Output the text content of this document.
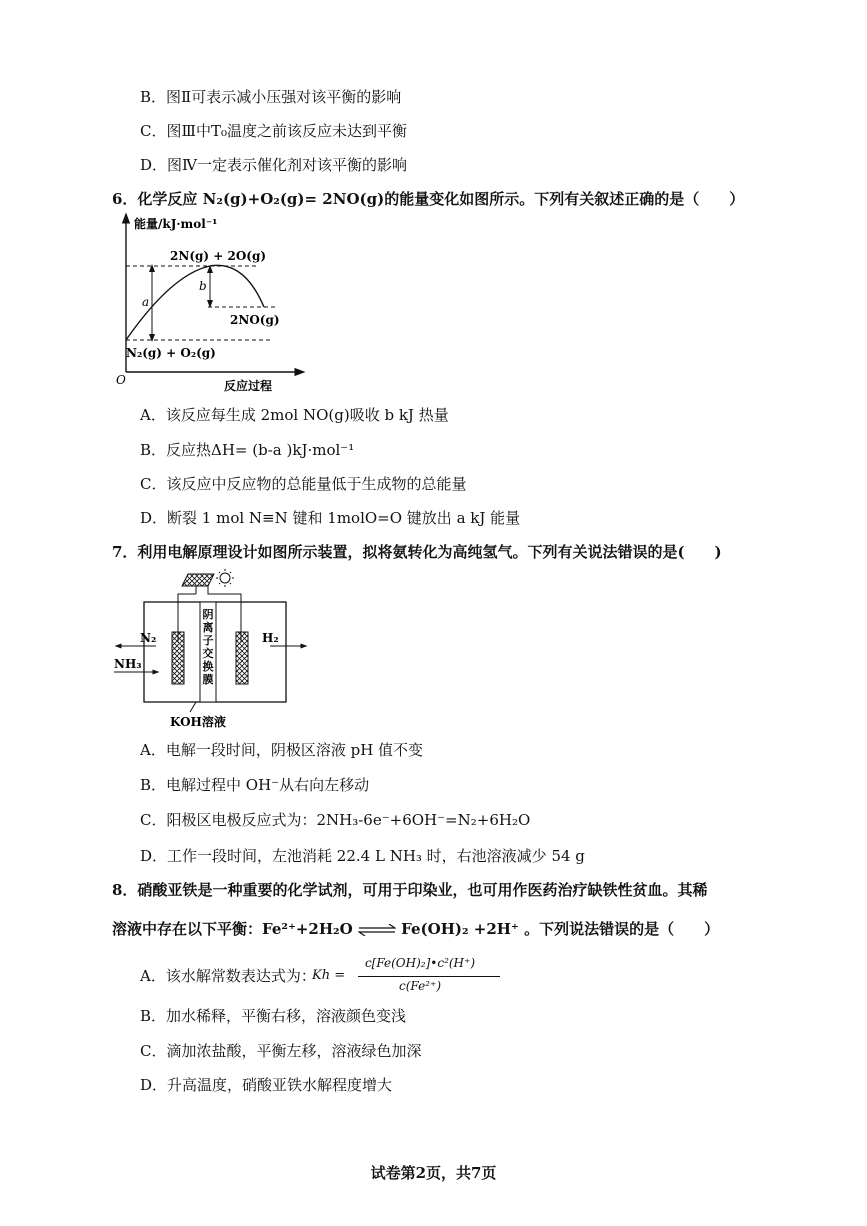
B．图Ⅱ可表示减小压强对该平衡的影响
C．图Ⅲ中T₀温度之前该反应未达到平衡
D．图Ⅳ一定表示催化剂对该平衡的影响
6．化学反应 N₂(g)+O₂(g)= 2NO(g)的能量变化如图所示。下列有关叙述正确的是（　　）
能量/kJ·mol⁻¹
O	反应过程
a
b
2N(g) + 2O(g)
2NO(g)
N₂(g) + O₂(g)
A．该反应每生成 2mol NO(g)吸收 b kJ 热量
B．反应热ΔH= (b-a )kJ·mol⁻¹
C．该反应中反应物的总能量低于生成物的总能量
D．断裂 1 mol N≡N 键和 1molO=O 键放出 a kJ 能量
7．利用电解原理设计如图所示装置，拟将氨转化为高纯氢气。下列有关说法错误的是(　　)
阴离子交换膜
N₂
NH₃
H₂
KOH溶液
A．电解一段时间，阴极区溶液 pH 值不变
B．电解过程中 OH⁻从右向左移动
C．阳极区电极反应式为：2NH₃-6e⁻+6OH⁻=N₂+6H₂O
D．工作一段时间，左池消耗 22.4 L NH₃ 时，右池溶液减少 54 g
8．硝酸亚铁是一种重要的化学试剂，可用于印染业，也可用作医药治疗缺铁性贫血。其稀
溶液中存在以下平衡：Fe²⁺+2H₂O ⇌ Fe(OH)₂ +2H⁺ 。下列说法错误的是（　　）
A．该水解常数表达式为：
Kh =
c[Fe(OH)₂]•c²(H⁺)
c(Fe²⁺)
B．加水稀释，平衡右移，溶液颜色变浅
C．滴加浓盐酸，平衡左移，溶液绿色加深
D．升高温度，硝酸亚铁水解程度增大
试卷第2页，共7页
